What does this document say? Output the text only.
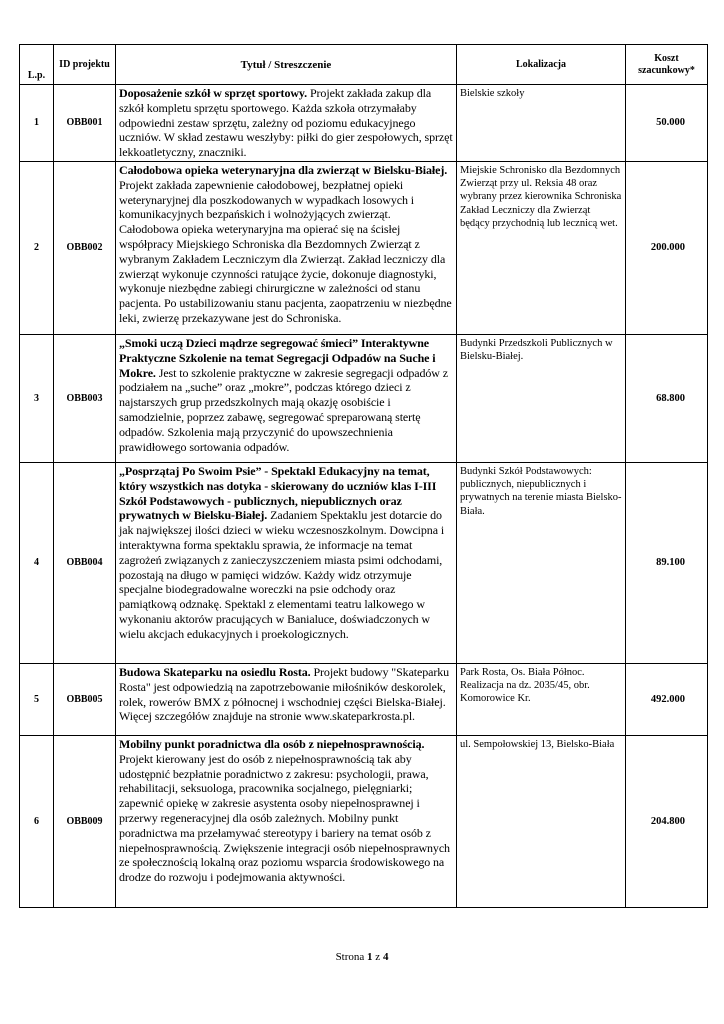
L.p.	ID projektu	Tytuł / Streszczenie	Lokalizacja	Koszt szacunkowy*
1	OBB001	Doposażenie szkół w sprzęt sportowy. Projekt zakłada zakup dla szkół kompletu sprzętu sportowego. Każda szkoła otrzymałaby odpowiedni zestaw sprzętu, zależny od poziomu edukacyjnego uczniów. W skład zestawu weszłyby: piłki do gier zespołowych, sprzęt lekkoatletyczny, znaczniki.	Bielskie szkoły	50.000
2	OBB002	Całodobowa opieka weterynaryjna dla zwierząt w Bielsku-Białej. Projekt zakłada zapewnienie całodobowej, bezpłatnej opieki weterynaryjnej dla poszkodowanych w wypadkach losowych i komunikacyjnych bezpańskich i wolnożyjących zwierząt. Całodobowa opieka weterynaryjna ma opierać się na ścisłej współpracy Miejskiego Schroniska dla Bezdomnych Zwierząt z wybranym Zakładem Leczniczym dla Zwierząt. Zakład leczniczy dla zwierząt wykonuje czynności ratujące życie, dokonuje diagnostyki, wykonuje niezbędne zabiegi chirurgiczne w zależności od stanu pacjenta. Po ustabilizowaniu stanu pacjenta, zaopatrzeniu w niezbędne leki, zwierzę przekazywane jest do Schroniska.	Miejskie Schronisko dla Bezdomnych Zwierząt przy ul. Reksia 48 oraz wybrany przez kierownika Schroniska Zakład Leczniczy dla Zwierząt będący przychodnią lub lecznicą wet.	200.000
3	OBB003	„Smoki uczą Dzieci mądrze segregować śmieci” Interaktywne Praktyczne Szkolenie na temat Segregacji Odpadów na Suche i Mokre. Jest to szkolenie praktyczne w zakresie segregacji odpadów z podziałem na „suche” oraz „mokre”, podczas którego dzieci z najstarszych grup przedszkolnych mają okazję osobiście i samodzielnie, poprzez zabawę, segregować spreparowaną stertę odpadów. Szkolenia mają przyczynić do upowszechnienia prawidłowego sortowania odpadów.	Budynki Przedszkoli Publicznych w Bielsku-Białej.	68.800
4	OBB004	„Posprzątaj Po Swoim Psie” - Spektakl Edukacyjny na temat, który wszystkich nas dotyka - skierowany do uczniów klas I-III Szkół Podstawowych - publicznych, niepublicznych oraz prywatnych w Bielsku-Białej. Zadaniem Spektaklu jest dotarcie do jak największej ilości dzieci w wieku wczesnoszkolnym. Dowcipna i interaktywna forma spektaklu sprawia, że informacje na temat zagrożeń związanych z zanieczyszczeniem miasta psimi odchodami, pozostają na długo w pamięci widzów. Każdy widz otrzymuje specjalne biodegradowalne woreczki na psie odchody oraz pamiątkową odznakę. Spektakl z elementami teatru lalkowego w wykonaniu aktorów pracujących w Banialuce, doświadczonych w wielu akcjach edukacyjnych i proekologicznych.	Budynki Szkół Podstawowych: publicznych, niepublicznych i prywatnych na terenie miasta Bielsko-Biała.	89.100
5	OBB005	Budowa Skateparku na osiedlu Rosta. Projekt budowy "Skateparku Rosta" jest odpowiedzią na zapotrzebowanie miłośników deskorolek, rolek, rowerów BMX z północnej i wschodniej części Bielska-Białej. Więcej szczegółów znajduje na stronie www.skateparkrosta.pl.	Park Rosta, Os. Biała Północ. Realizacja na dz. 2035/45, obr. Komorowice Kr.	492.000
6	OBB009	Mobilny punkt poradnictwa dla osób z niepełnosprawnością. Projekt kierowany jest do osób z niepełnosprawnością tak aby udostępnić bezpłatnie poradnictwo z zakresu: psychologii, prawa, rehabilitacji, seksuologa, pracownika socjalnego, pielęgniarki; zapewnić opiekę w zakresie asystenta osoby niepełnosprawnej i przerwy regeneracyjnej dla osób zależnych. Mobilny punkt poradnictwa ma przełamywać stereotypy i bariery na temat osób z niepełnosprawnością. Zwiększenie integracji osób niepełnosprawnych ze społecznością lokalną oraz poziomu wsparcia środowiskowego na drodze do rozwoju i podejmowania aktywności.	ul. Sempołowskiej 13, Bielsko-Biała	204.800
Strona 1 z 4
